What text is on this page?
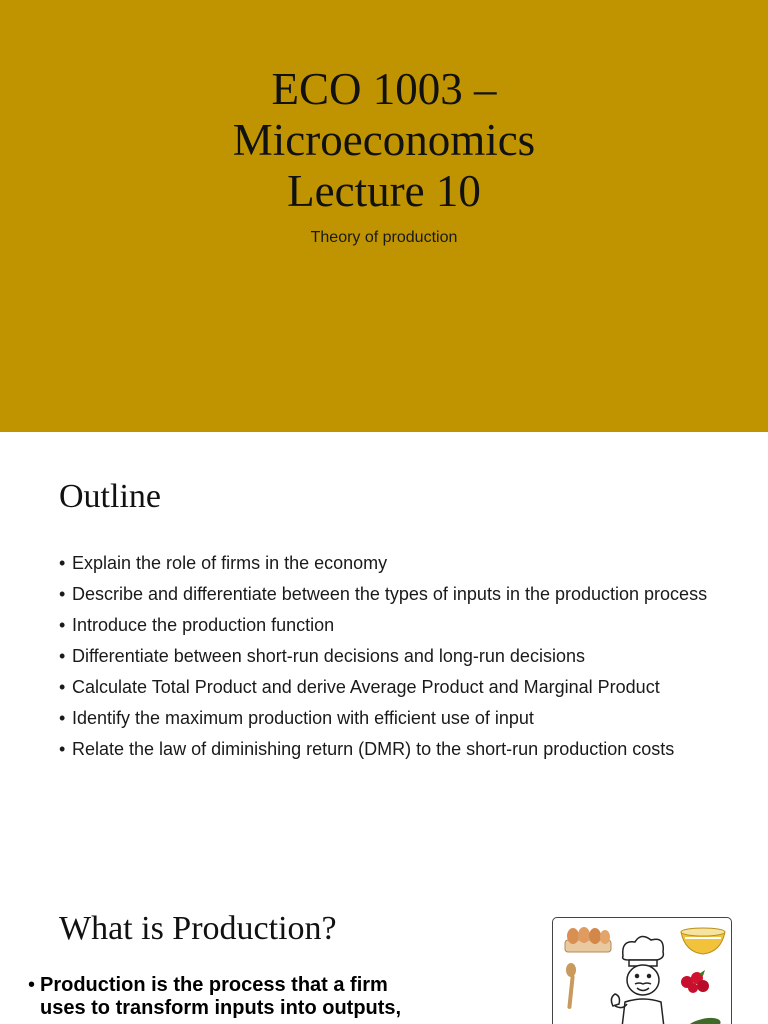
ECO 1003 –
Microeconomics
Lecture 10
Theory of production
Outline
• Explain the role of firms in the economy
• Describe and differentiate between the types of inputs in the production process
• Introduce the production function
• Differentiate between short-run decisions and long-run decisions
• Calculate Total Product and derive Average Product and Marginal Product
• Identify the maximum production with efficient use of input
• Relate the law of diminishing return (DMR) to the short-run production costs
What is Production?
• Production is the process that a firm
uses to transform inputs into outputs,
